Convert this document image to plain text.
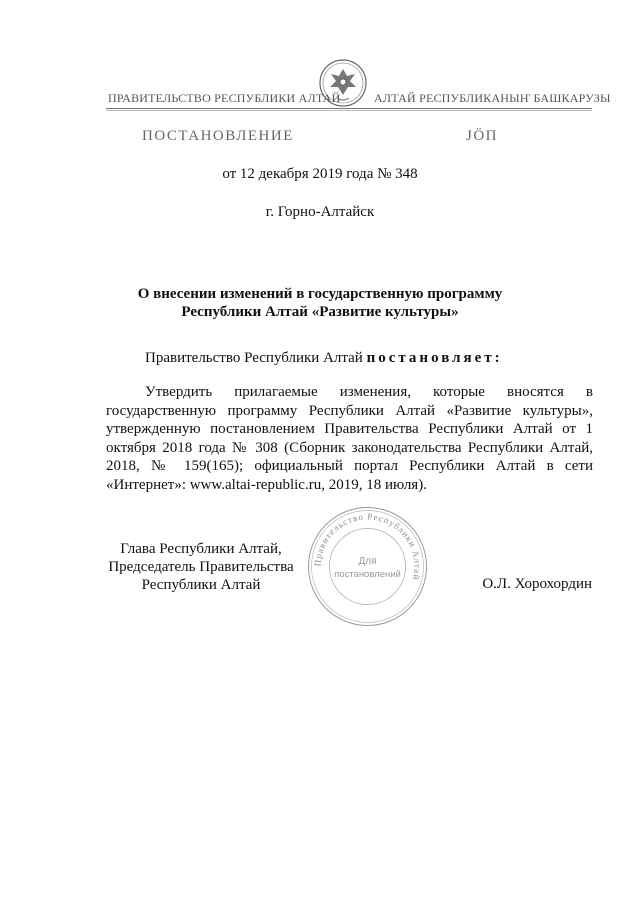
ПРАВИТЕЛЬСТВО РЕСПУБЛИКИ АЛТАЙ	АЛТАЙ РЕСПУБЛИКАНЫҤ БАШКАРУЗЫ
ПОСТАНОВЛЕНИЕ	ЈÖП
от 12 декабря 2019 года № 348
г. Горно-Алтайск
О внесении изменений в государственную программу
Республики Алтай «Развитие культуры»
Правительство Республики Алтай постановляет:
Утвердить прилагаемые изменения, которые вносятся в государственную программу Республики Алтай «Развитие культуры», утвержденную постановлением Правительства Республики Алтай от 1 октября 2018 года № 308 (Сборник законодательства Республики Алтай, 2018, № 159(165); официальный портал Республики Алтай в сети «Интернет»: www.altai-republic.ru, 2019, 18 июля).
Глава Республики Алтай,
Председатель Правительства
Республики Алтай
Правительство Республики Алтай
Для
постановлений
О.Л. Хорохордин
